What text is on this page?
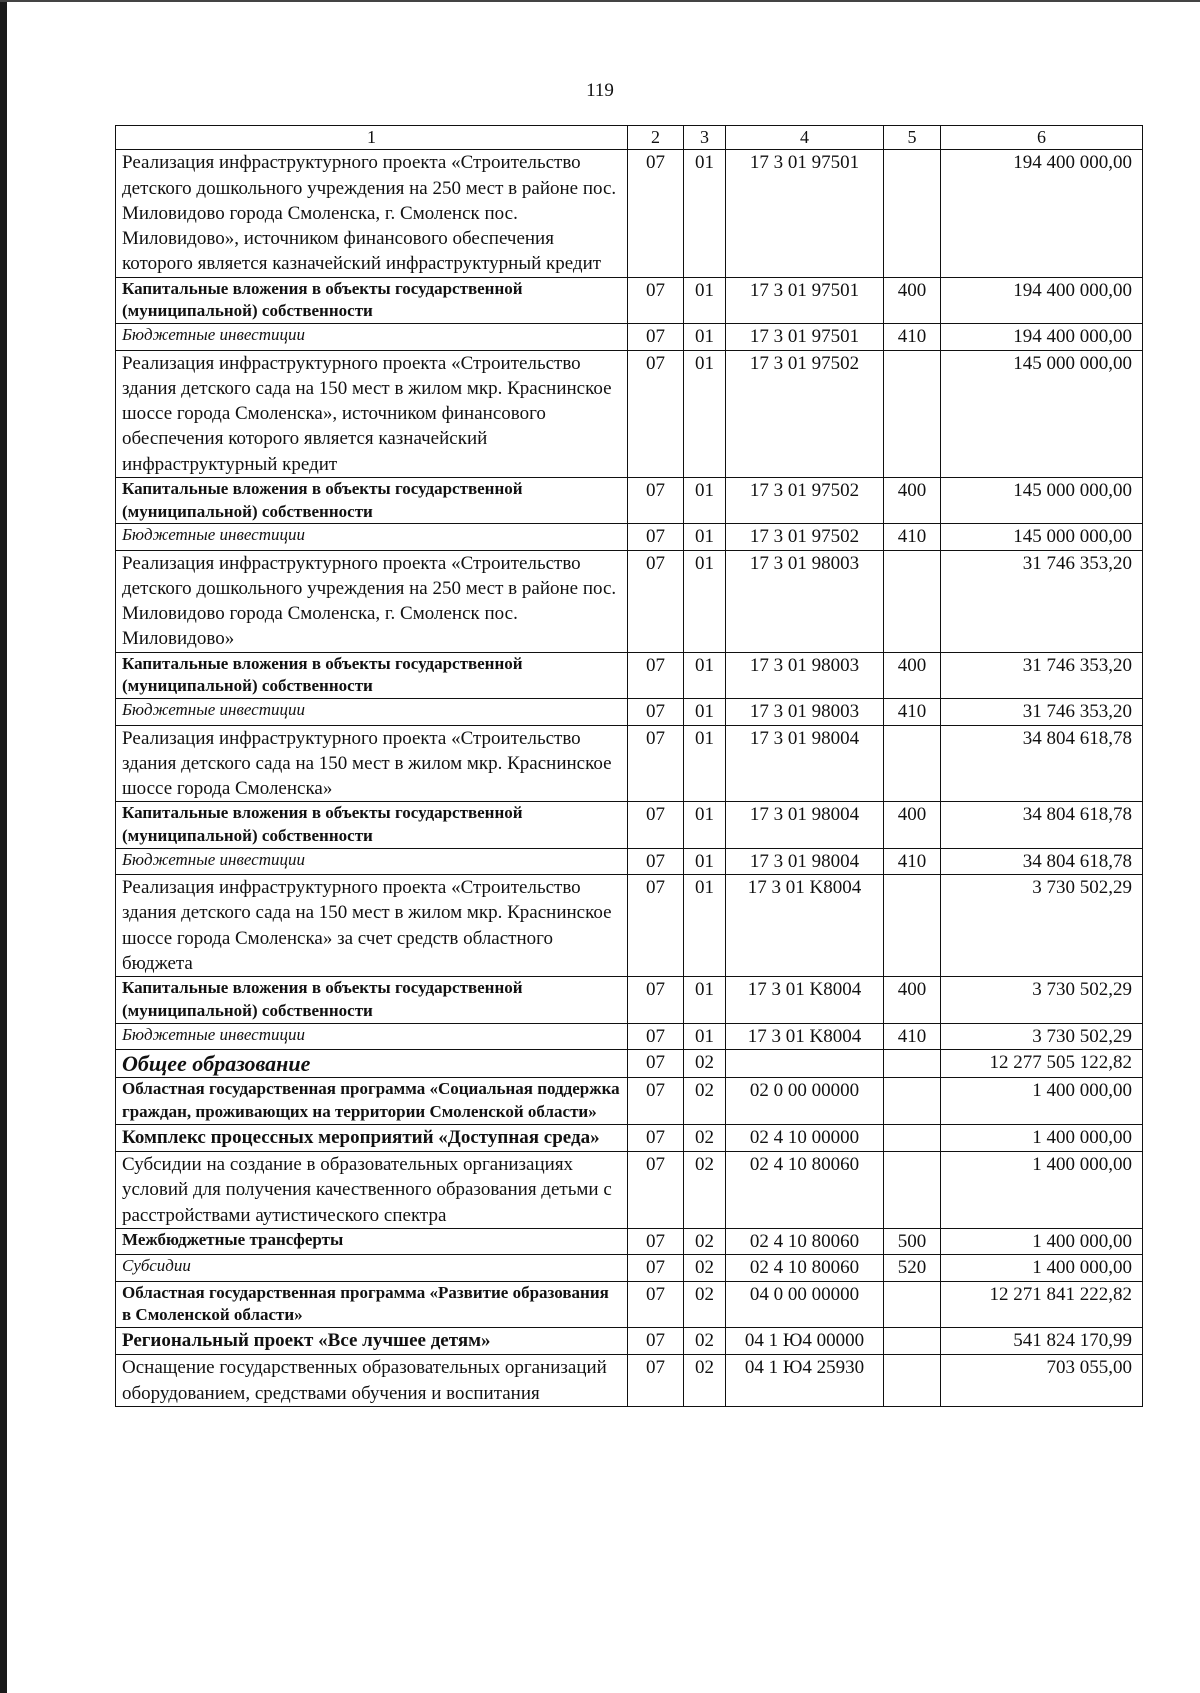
119
1	2	3	4	5	6
Реализация инфраструктурного проекта «Строительство детского дошкольного учреждения на 250 мест в районе пос. Миловидово города Смоленска, г. Смоленск пос. Миловидово», источником финансового обеспечения которого является казначейский инфраструктурный кредит	07	01	17 3 01 97501		194 400 000,00
Капитальные вложения в объекты государственной (муниципальной) собственности	07	01	17 3 01 97501	400	194 400 000,00
Бюджетные инвестиции	07	01	17 3 01 97501	410	194 400 000,00
Реализация инфраструктурного проекта «Строительство здания детского сада на 150 мест в жилом мкр. Краснинское шоссе города Смоленска», источником финансового обеспечения которого является казначейский инфраструктурный кредит	07	01	17 3 01 97502		145 000 000,00
Капитальные вложения в объекты государственной (муниципальной) собственности	07	01	17 3 01 97502	400	145 000 000,00
Бюджетные инвестиции	07	01	17 3 01 97502	410	145 000 000,00
Реализация инфраструктурного проекта «Строительство детского дошкольного учреждения на 250 мест в районе пос. Миловидово города Смоленска, г. Смоленск пос. Миловидово»	07	01	17 3 01 98003		31 746 353,20
Капитальные вложения в объекты государственной (муниципальной) собственности	07	01	17 3 01 98003	400	31 746 353,20
Бюджетные инвестиции	07	01	17 3 01 98003	410	31 746 353,20
Реализация инфраструктурного проекта «Строительство здания детского сада на 150 мест в жилом мкр. Краснинское шоссе города Смоленска»	07	01	17 3 01 98004		34 804 618,78
Капитальные вложения в объекты государственной (муниципальной) собственности	07	01	17 3 01 98004	400	34 804 618,78
Бюджетные инвестиции	07	01	17 3 01 98004	410	34 804 618,78
Реализация инфраструктурного проекта «Строительство здания детского сада на 150 мест в жилом мкр. Краснинское шоссе города Смоленска» за счет средств областного бюджета	07	01	17 3 01 K8004		3 730 502,29
Капитальные вложения в объекты государственной (муниципальной) собственности	07	01	17 3 01 K8004	400	3 730 502,29
Бюджетные инвестиции	07	01	17 3 01 K8004	410	3 730 502,29
Общее образование	07	02			12 277 505 122,82
Областная государственная программа «Социальная поддержка граждан, проживающих на территории Смоленской области»	07	02	02 0 00 00000		1 400 000,00
Комплекс процессных мероприятий «Доступная среда»	07	02	02 4 10 00000		1 400 000,00
Субсидии на создание в образовательных организациях условий для получения качественного образования детьми с расстройствами аутистического спектра	07	02	02 4 10 80060		1 400 000,00
Межбюджетные трансферты	07	02	02 4 10 80060	500	1 400 000,00
Субсидии	07	02	02 4 10 80060	520	1 400 000,00
Областная государственная программа «Развитие образования в Смоленской области»	07	02	04 0 00 00000		12 271 841 222,82
Региональный проект «Все лучшее детям»	07	02	04 1 Ю4 00000		541 824 170,99
Оснащение государственных образовательных организаций оборудованием, средствами обучения и воспитания	07	02	04 1 Ю4 25930		703 055,00
